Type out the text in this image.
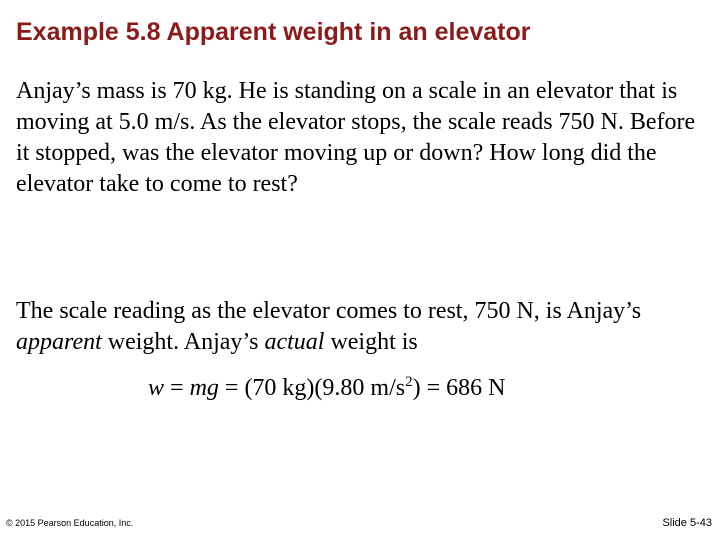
Example 5.8 Apparent weight in an elevator
Anjay’s mass is 70 kg. He is standing on a scale in an elevator that is moving at 5.0 m/s. As the elevator stops, the scale reads 750 N. Before it stopped, was the elevator moving up or down? How long did the elevator take to come to rest?
The scale reading as the elevator comes to rest, 750 N, is Anjay’s apparent weight. Anjay’s actual weight is
w = mg = (70 kg)(9.80 $m/s^2) = 686$ N
© 2015 Pearson Education, Inc.	Slide 5-43
